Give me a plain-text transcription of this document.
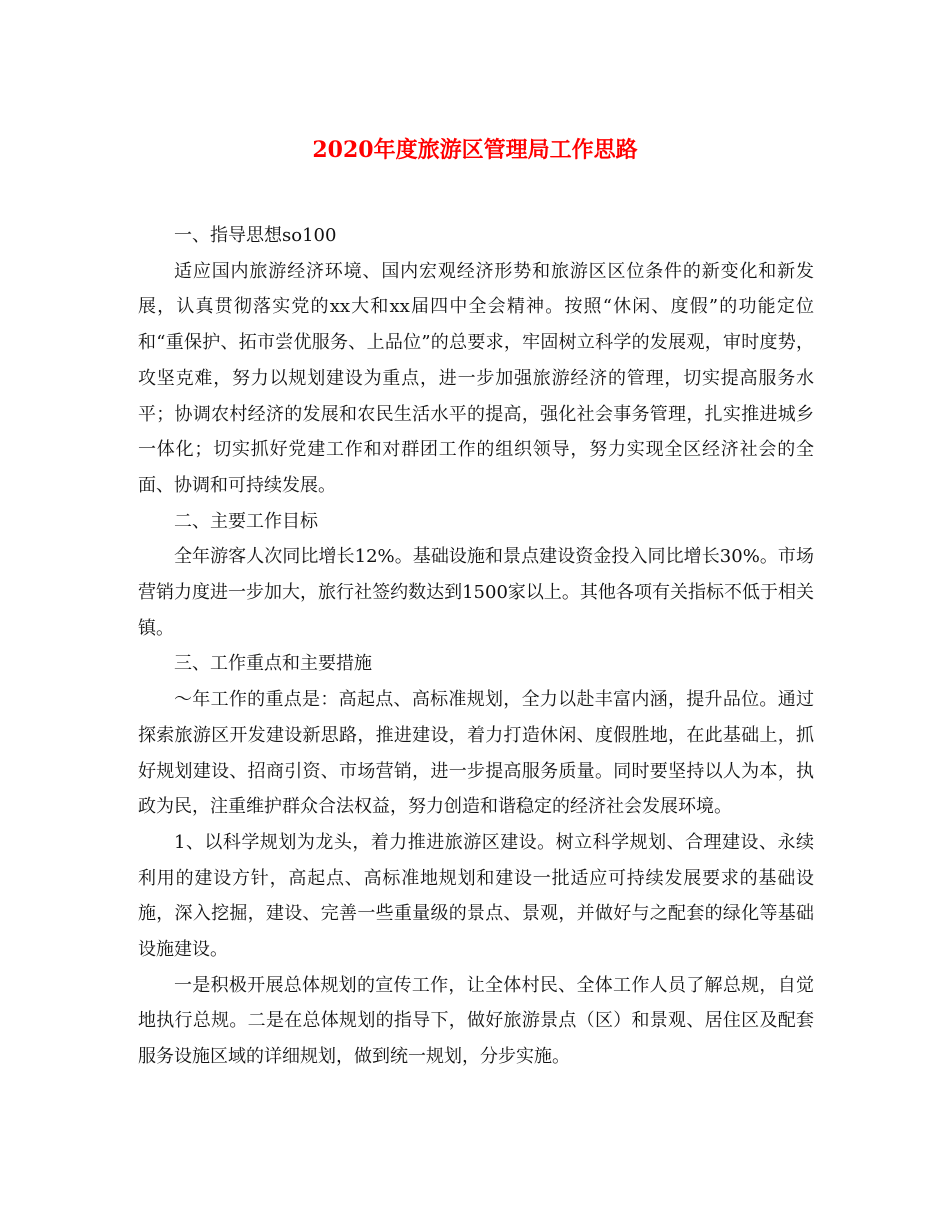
2020年度旅游区管理局工作思路

一、指导思想so100

适应国内旅游经济环境、国内宏观经济形势和旅游区区位条件的新变化和新发展，认真贯彻落实党的xx大和xx届四中全会精神。按照“休闲、度假”的功能定位和“重保护、拓市尝优服务、上品位”的总要求，牢固树立科学的发展观，审时度势，攻坚克难，努力以规划建设为重点，进一步加强旅游经济的管理，切实提高服务水平；协调农村经济的发展和农民生活水平的提高，强化社会事务管理，扎实推进城乡一体化；切实抓好党建工作和对群团工作的组织领导，努力实现全区经济社会的全面、协调和可持续发展。

二、主要工作目标

全年游客人次同比增长12%。基础设施和景点建设资金投入同比增长30%。市场营销力度进一步加大，旅行社签约数达到1500家以上。其他各项有关指标不低于相关镇。

三、工作重点和主要措施

～年工作的重点是：高起点、高标准规划，全力以赴丰富内涵，提升品位。通过探索旅游区开发建设新思路，推进建设，着力打造休闲、度假胜地，在此基础上，抓好规划建设、招商引资、市场营销，进一步提高服务质量。同时要坚持以人为本，执政为民，注重维护群众合法权益，努力创造和谐稳定的经济社会发展环境。

1、以科学规划为龙头，着力推进旅游区建设。树立科学规划、合理建设、永续利用的建设方针，高起点、高标准地规划和建设一批适应可持续发展要求的基础设施，深入挖掘，建设、完善一些重量级的景点、景观，并做好与之配套的绿化等基础设施建设。

一是积极开展总体规划的宣传工作，让全体村民、全体工作人员了解总规，自觉地执行总规。二是在总体规划的指导下，做好旅游景点（区）和景观、居住区及配套服务设施区域的详细规划，做到统一规划，分步实施。
